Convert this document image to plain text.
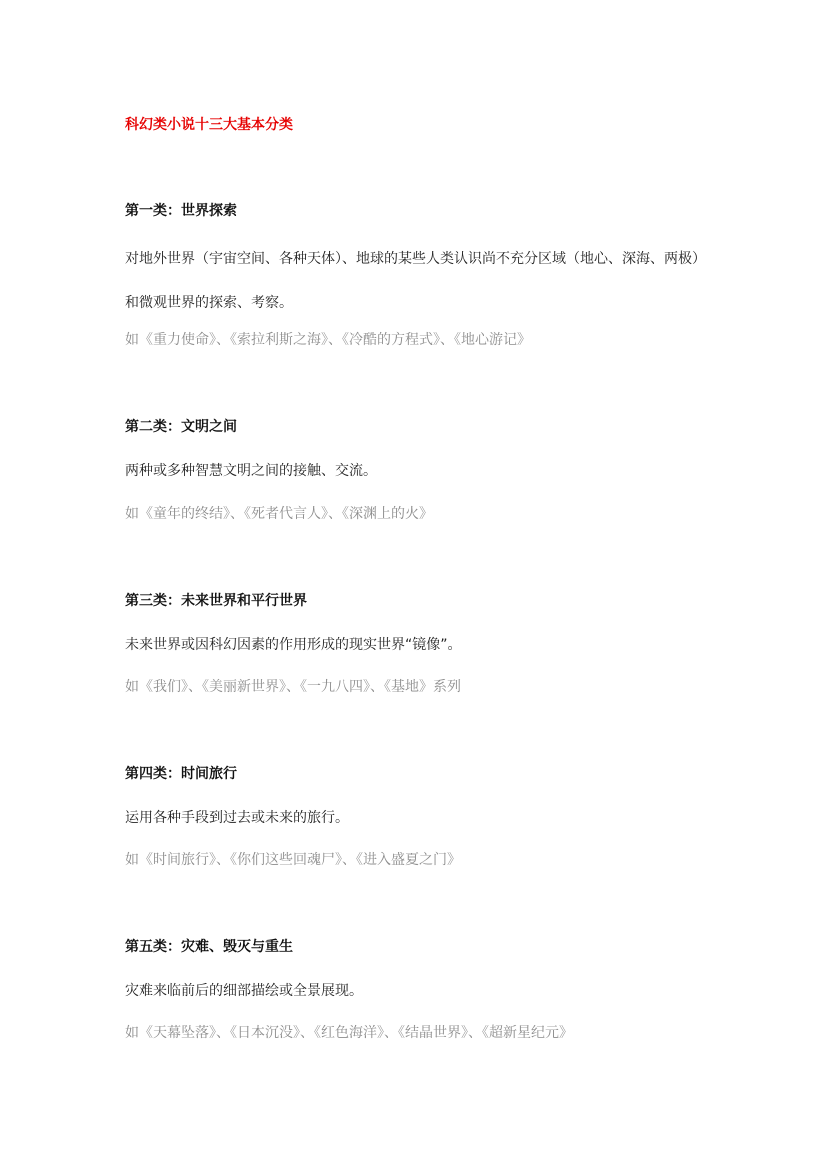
科幻类小说十三大基本分类
第一类：世界探索

对地外世界（宇宙空间、各种天体）、地球的某些人类认识尚不充分区域（地心、深海、两极）和微观世界的探索、考察。

如《重力使命》、《索拉利斯之海》、《冷酷的方程式》、《地心游记》

第二类：文明之间

两种或多种智慧文明之间的接触、交流。

如《童年的终结》、《死者代言人》、《深渊上的火》

第三类：未来世界和平行世界

未来世界或因科幻因素的作用形成的现实世界“镜像”。

如《我们》、《美丽新世界》、《一九八四》、《基地》系列

第四类：时间旅行

运用各种手段到过去或未来的旅行。

如《时间旅行》、《你们这些回魂尸》、《进入盛夏之门》

第五类：灾难、毁灭与重生

灾难来临前后的细部描绘或全景展现。

如《天幕坠落》、《日本沉没》、《红色海洋》、《结晶世界》、《超新星纪元》
